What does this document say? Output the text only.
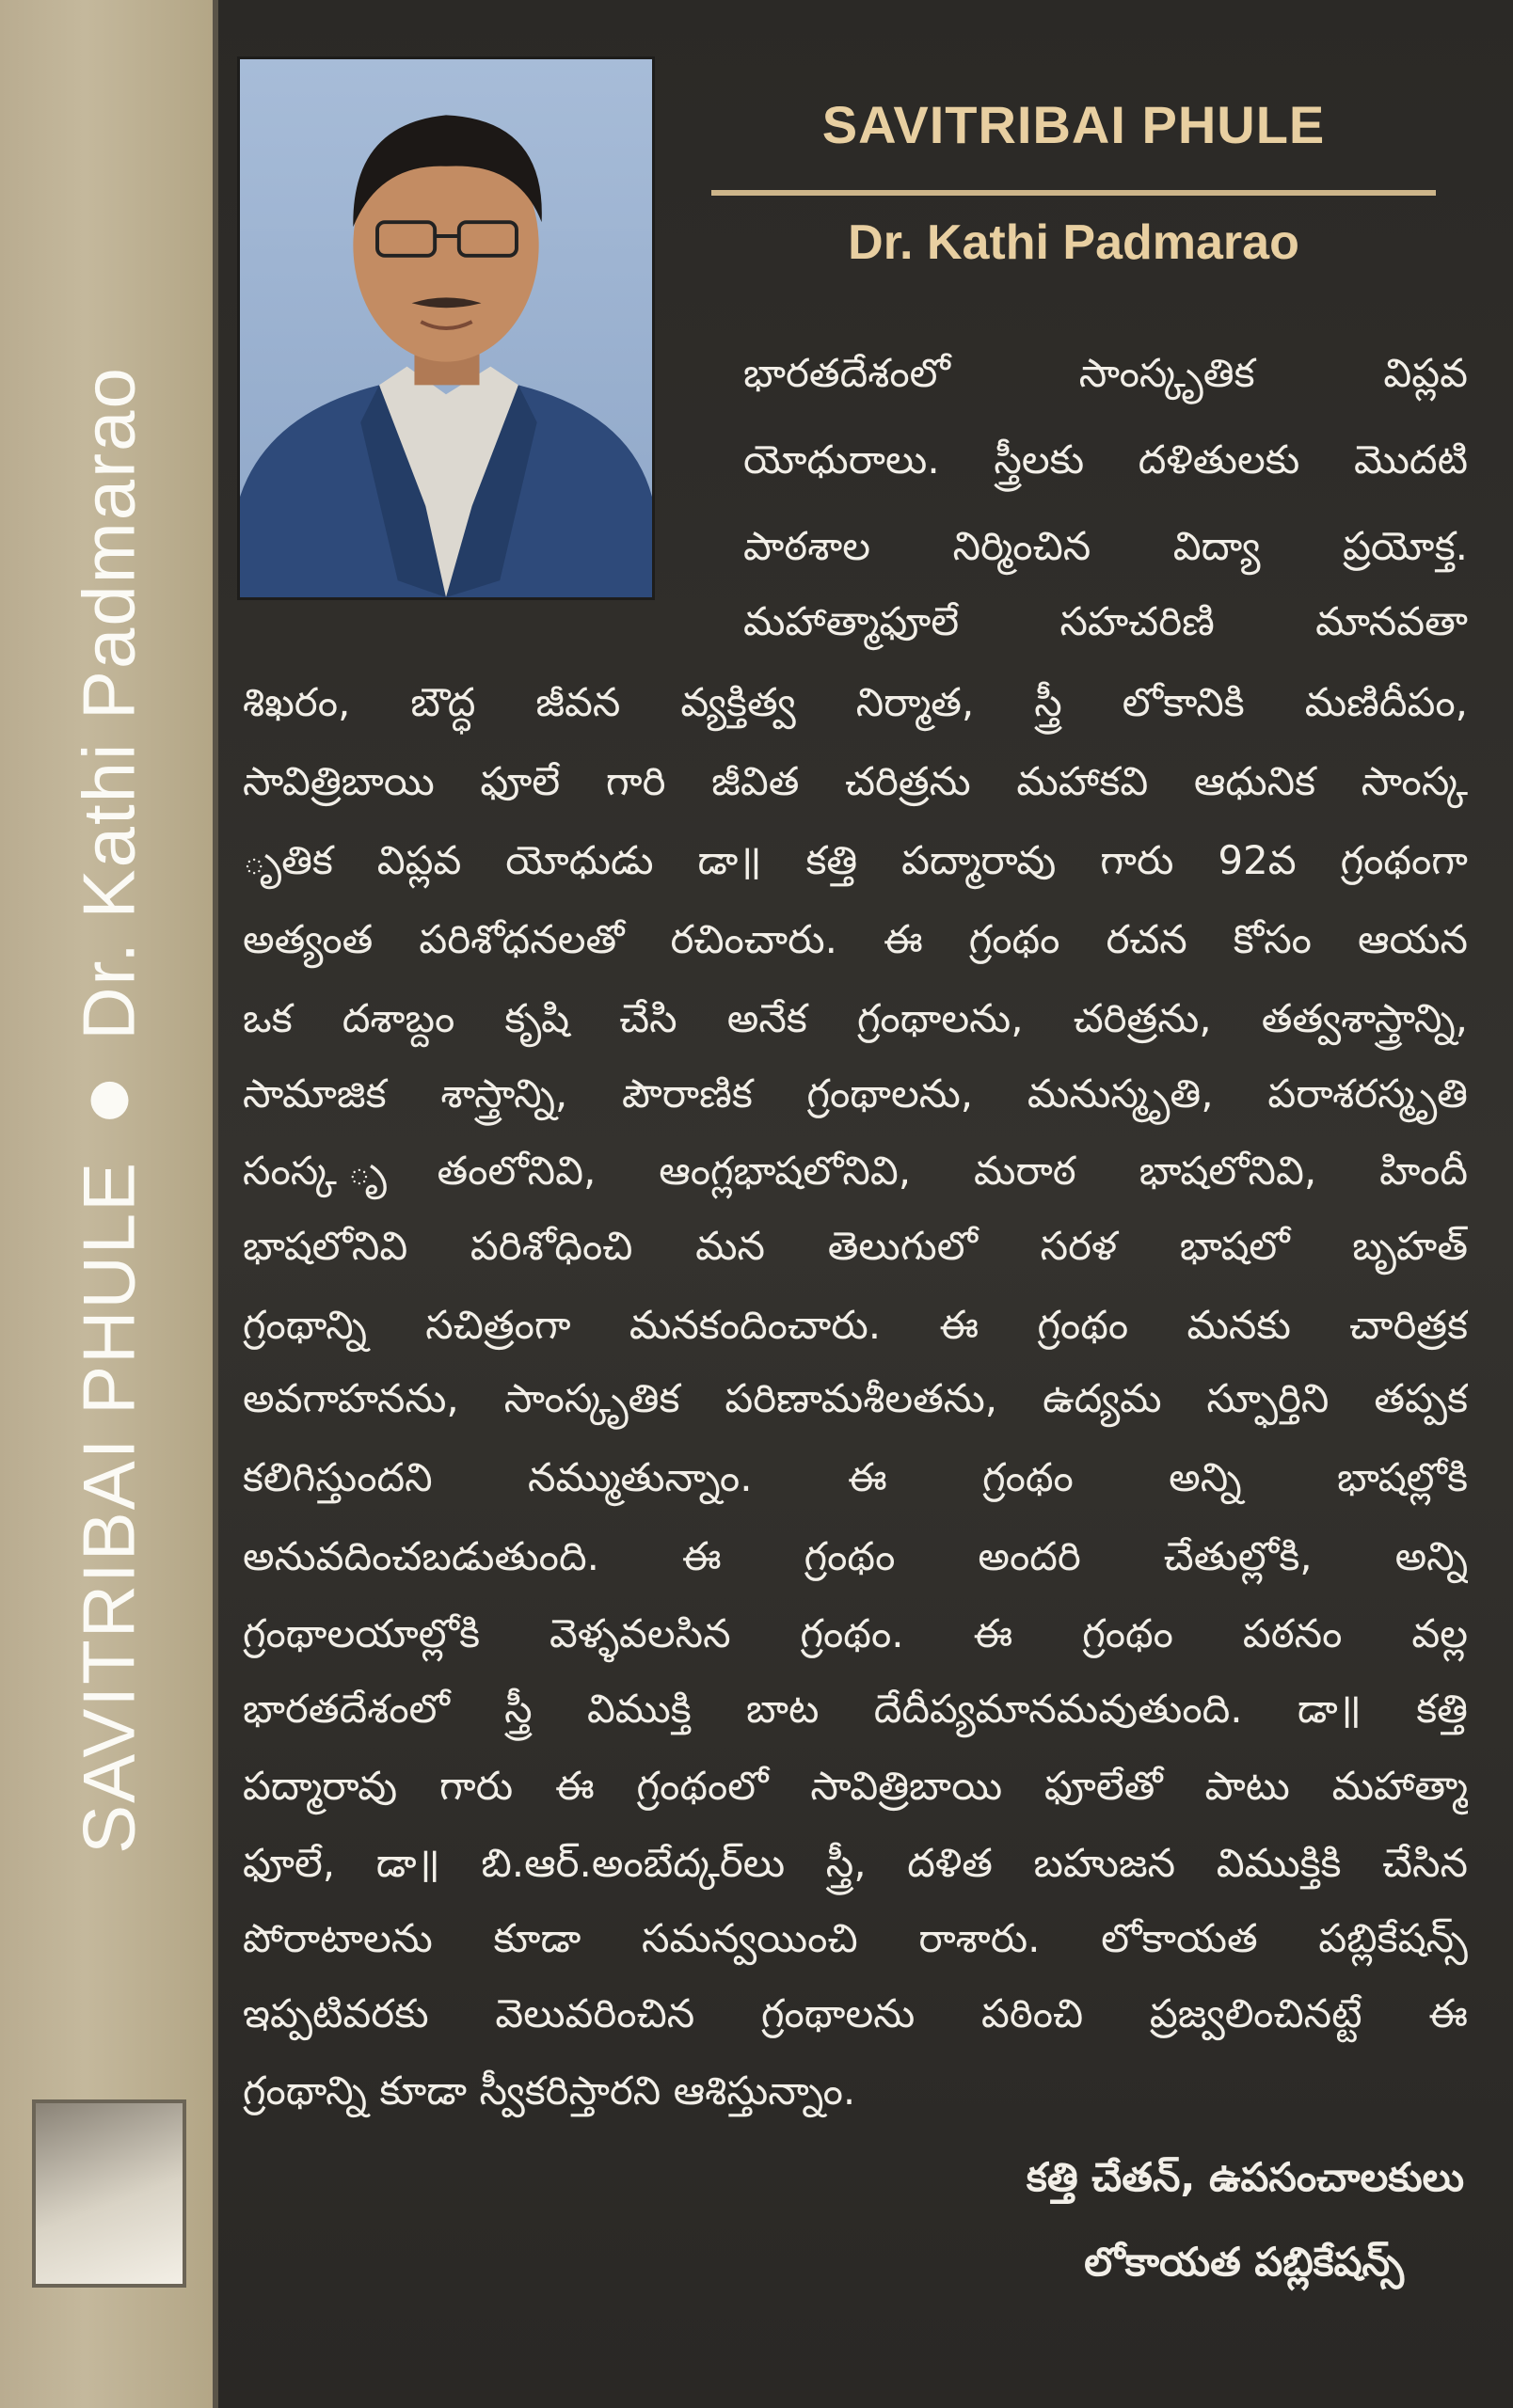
SAVITRIBAI PHULE
Dr. Kathi Padmarao
SAVITRIBAI PHULE
Dr. Kathi Padmarao
భారతదేశంలో సాంస్కృతిక విప్లవ
యోధురాలు. స్త్రీలకు దళితులకు మొదటి
పాఠశాల నిర్మించిన విద్యా ప్రయోక్త.
మహాత్మాఫూలే సహచరిణి మానవతా
శిఖరం, బౌద్ధ జీవన వ్యక్తిత్వ నిర్మాత, స్త్రీ లోకానికి మణిదీపం,
సావిత్రిబాయి ఫూలే గారి జీవిత చరిత్రను మహాకవి ఆధునిక సాంస్క
ృతిక విప్లవ యోధుడు డా॥ కత్తి పద్మారావు గారు 92వ గ్రంథంగా
అత్యంత పరిశోధనలతో రచించారు. ఈ గ్రంథం రచన కోసం ఆయన
ఒక దశాబ్దం కృషి చేసి అనేక గ్రంథాలను, చరిత్రను, తత్వశాస్త్రాన్ని,
సామాజిక శాస్త్రాన్ని, పౌరాణిక గ్రంథాలను, మనుస్మృతి, పరాశరస్మృతి
సంస్క ృతంలోనివి, ఆంగ్లభాషలోనివి, మరాఠ భాషలోనివి, హిందీ
భాషలోనివి పరిశోధించి మన తెలుగులో సరళ భాషలో బృహత్
గ్రంథాన్ని సచిత్రంగా మనకందించారు. ఈ గ్రంథం మనకు చారిత్రక
అవగాహనను, సాంస్కృతిక పరిణామశీలతను, ఉద్యమ స్ఫూర్తిని తప్పక
కలిగిస్తుందని నమ్ముతున్నాం. ఈ గ్రంథం అన్ని భాషల్లోకి
అనువదించబడుతుంది. ఈ గ్రంథం అందరి చేతుల్లోకి, అన్ని
గ్రంథాలయాల్లోకి వెళ్ళవలసిన గ్రంథం. ఈ గ్రంథం పఠనం వల్ల
భారతదేశంలో స్త్రీ విముక్తి బాట దేదీప్యమానమవుతుంది. డా॥ కత్తి
పద్మారావు గారు ఈ గ్రంథంలో సావిత్రిబాయి ఫూలేతో పాటు మహాత్మా
ఫూలే, డా॥ బి.ఆర్.అంబేద్కర్‌లు స్త్రీ, దళిత బహుజన విముక్తికి చేసిన
పోరాటాలను కూడా సమన్వయించి రాశారు. లోకాయత పబ్లికేషన్స్
ఇప్పటివరకు వెలువరించిన గ్రంథాలను పఠించి ప్రజ్వలించినట్టే ఈ
గ్రంథాన్ని కూడా స్వీకరిస్తారని ఆశిస్తున్నాం.
కత్తి చేతన్, ఉపసంచాలకులు
లోకాయత పబ్లికేషన్స్
